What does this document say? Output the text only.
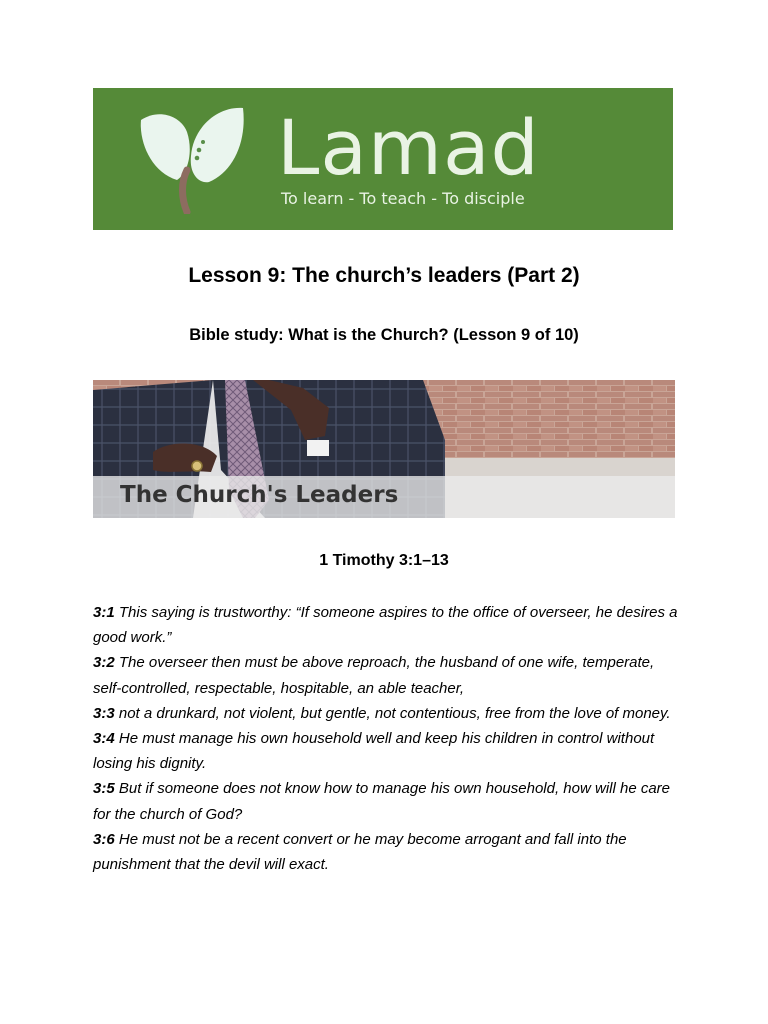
Lamad
To learn - To teach - To disciple
Lesson 9: The church’s leaders (Part 2)
Bible study: What is the Church? (Lesson 9 of 10)
The Church's Leaders
1 Timothy 3:1–13

3:1 This saying is trustworthy: “If someone aspires to the office of overseer, he desires a good work.”

3:2 The overseer then must be above reproach, the husband of one wife, temperate, self-controlled, respectable, hospitable, an able teacher,

3:3 not a drunkard, not violent, but gentle, not contentious, free from the love of money.

3:4 He must manage his own household well and keep his children in control without losing his dignity.

3:5 But if someone does not know how to manage his own household, how will he care for the church of God?

3:6 He must not be a recent convert or he may become arrogant and fall into the punishment that the devil will exact.
